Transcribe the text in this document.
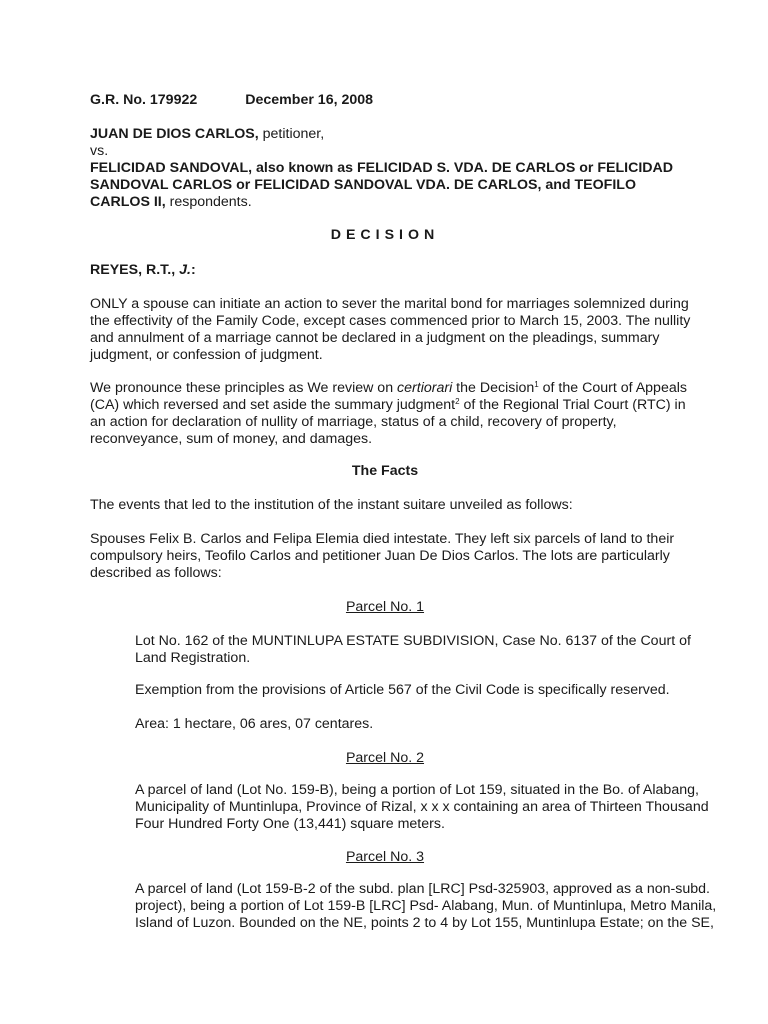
G.R. No. 179922	December 16, 2008

JUAN DE DIOS CARLOS, petitioner,
vs.
FELICIDAD SANDOVAL, also known as FELICIDAD S. VDA. DE CARLOS or FELICIDAD
SANDOVAL CARLOS or FELICIDAD SANDOVAL VDA. DE CARLOS, and TEOFILO
CARLOS II, respondents.

DECISION

REYES, R.T., J.:

ONLY a spouse can initiate an action to sever the marital bond for marriages solemnized during
the effectivity of the Family Code, except cases commenced prior to March 15, 2003. The nullity
and annulment of a marriage cannot be declared in a judgment on the pleadings, summary
judgment, or confession of judgment.

We pronounce these principles as We review on certiorari the Decision$^1$ of the Court of Appeals
(CA) which reversed and set aside the summary judgment$^2$ of the Regional Trial Court (RTC) in
an action for declaration of nullity of marriage, status of a child, recovery of property,
reconveyance, sum of money, and damages.

The Facts

The events that led to the institution of the instant suitare unveiled as follows:

Spouses Felix B. Carlos and Felipa Elemia died intestate. They left six parcels of land to their
compulsory heirs, Teofilo Carlos and petitioner Juan De Dios Carlos. The lots are particularly
described as follows:

Parcel No. 1

Lot No. 162 of the MUNTINLUPA ESTATE SUBDIVISION, Case No. 6137 of the Court of
Land Registration.

Exemption from the provisions of Article 567 of the Civil Code is specifically reserved.

Area: 1 hectare, 06 ares, 07 centares.

Parcel No. 2

A parcel of land (Lot No. 159-B), being a portion of Lot 159, situated in the Bo. of Alabang,
Municipality of Muntinlupa, Province of Rizal, x x x containing an area of Thirteen Thousand
Four Hundred Forty One (13,441) square meters.

Parcel No. 3

A parcel of land (Lot 159-B-2 of the subd. plan [LRC] Psd-325903, approved as a non-subd.
project), being a portion of Lot 159-B [LRC] Psd- Alabang, Mun. of Muntinlupa, Metro Manila,
Island of Luzon. Bounded on the NE, points 2 to 4 by Lot 155, Muntinlupa Estate; on the SE,
